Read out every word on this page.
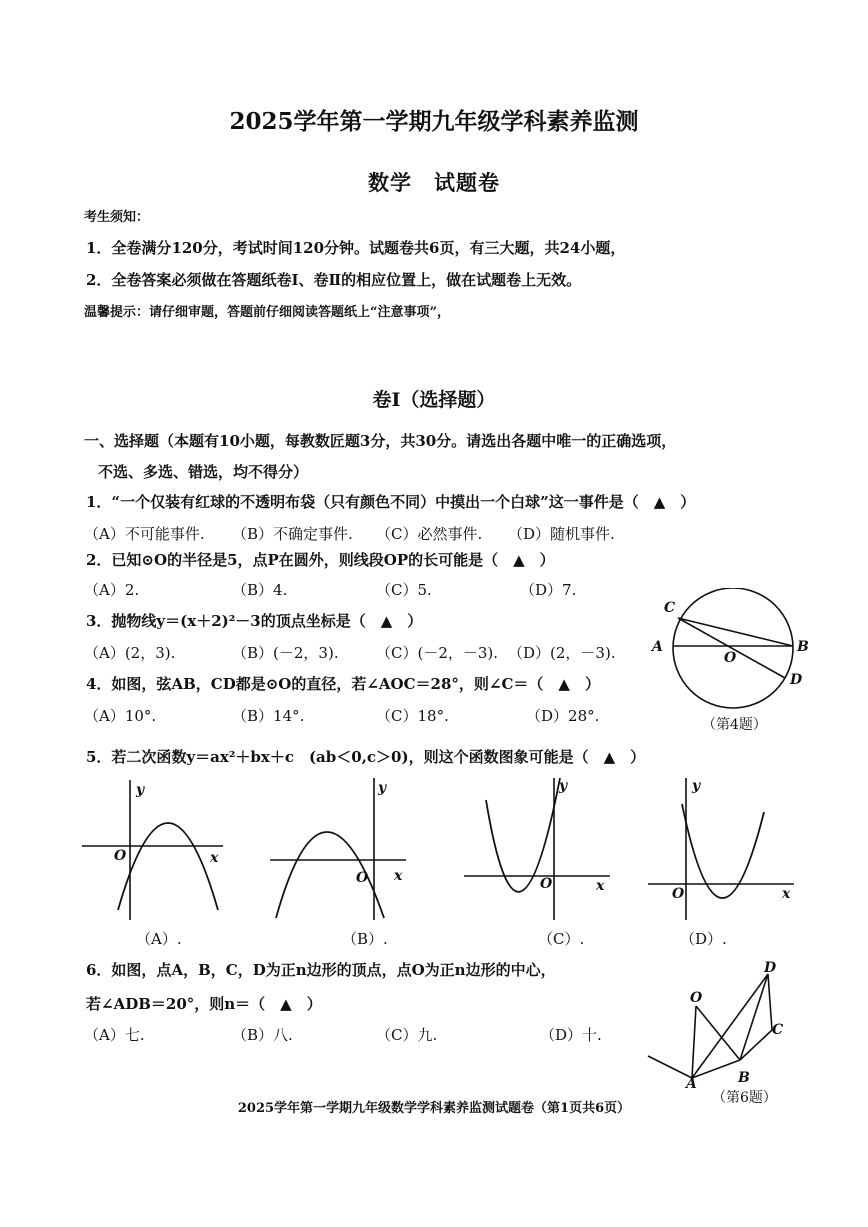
2025学年第一学期九年级学科素养监测
数学　试题卷
考生须知：
1．全卷满分120分，考试时间120分钟。试题卷共6页，有三大题，共24小题，
2．全卷答案必须做在答题纸卷Ⅰ、卷Ⅱ的相应位置上，做在试题卷上无效。
温馨提示：请仔细审题，答题前仔细阅读答题纸上“注意事项”，
卷Ⅰ（选择题）
一、选择题（本题有10小题，每教数匠题3分，共30分。请选出各题中唯一的正确选项，
不选、多选、错选，均不得分）
1．“一个仅装有红球的不透明布袋（只有颜色不同）中摸出一个白球”这一事件是（　▲　）
（A）不可能事件. （B）不确定事件. （C）必然事件. （D）随机事件.
2．已知⊙O的半径是5，点P在圆外，则线段OP的长可能是（　▲　）
（A）2.	（B）4.	（C）5.	（D）7.
3．抛物线y＝(x＋2)²－3的顶点坐标是（　▲　）
（A）(2，3).	（B）(－2，3). （C）(－2，－3). （D）(2，－3).
4．如图，弦AB，CD都是⊙O的直径，若∠AOC＝28°，则∠C＝（　▲　）
（A）10°.	（B）14°.	（C）18°.	（D）28°.
C
A
O
B
D
（第4题）
5．若二次函数y＝ax²＋bx＋c　(ab＜0,c＞0)，则这个函数图象可能是（　▲　）
y
x
O
（A）.
y
x
O
（B）.
y
x
O
（C）.
y
x
O
（D）.
6．如图，点A，B，C，D为正n边形的顶点，点O为正n边形的中心，
若∠ADB＝20°，则n＝（　▲　）
（A）七.	（B）八.	（C）九.	（D）十.
O
D
C
B
A
（第6题）
2025学年第一学期九年级数学学科素养监测试题卷（第1页共6页）
